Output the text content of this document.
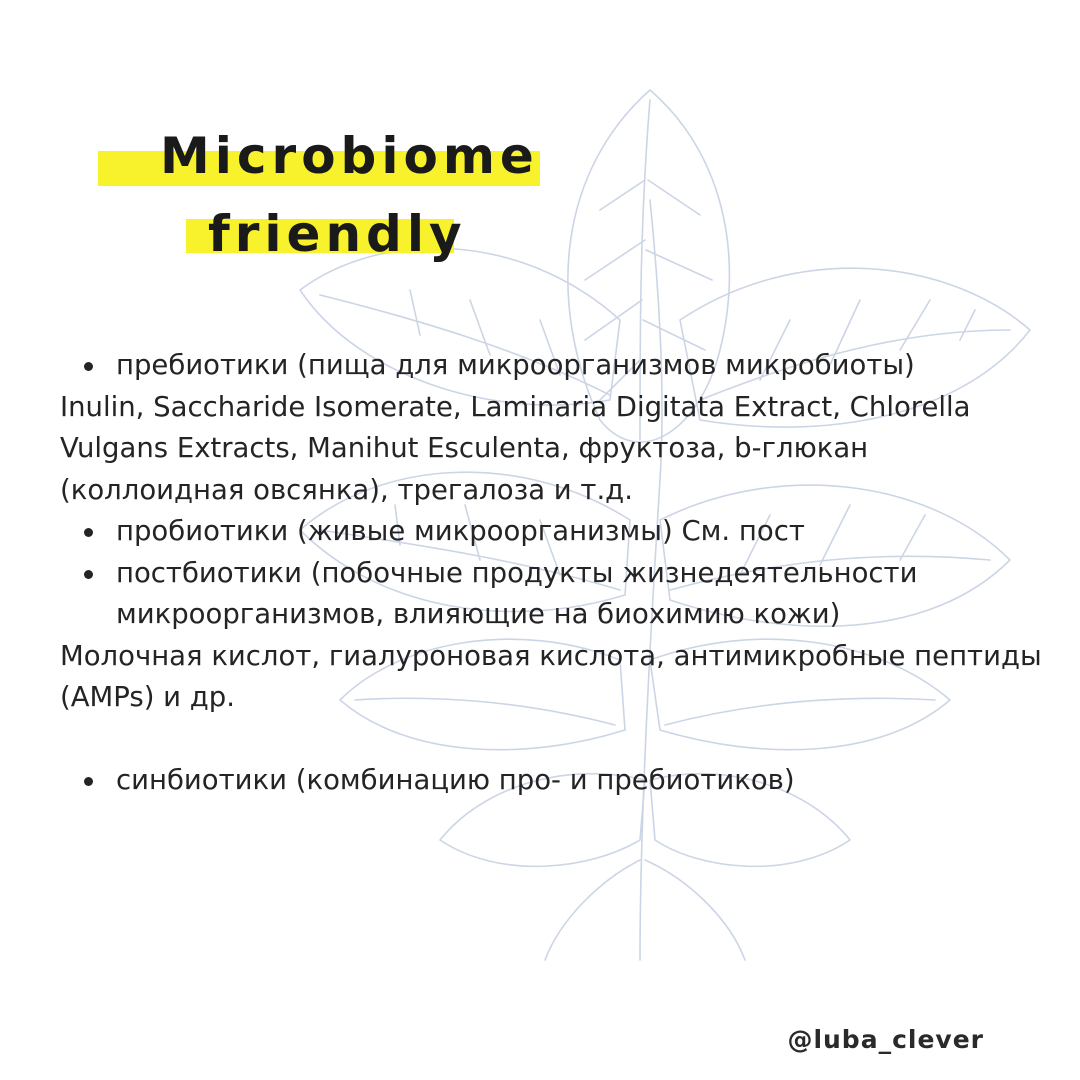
Microbiome
friendly

пребиотики (пища для микроорганизмов микробиоты)

Inulin, Saccharide Isomerate, Laminaria Digitata Extract, Chlorella Vulgans Extracts, Manihut Esculenta, фруктоза, b-глюкан (коллоидная овсянка), трегалоза и т.д.

пробиотики (живые микроорганизмы) См. пост

постбиотики (побочные продукты жизнедеятельности микроорганизмов, влияющие на биохимию кожи)

Молочная кислот, гиалуроновая кислота, антимикробные пептиды (AMPs) и др.

синбиотики (комбинацию про- и пребиотиков)

@luba_clever
